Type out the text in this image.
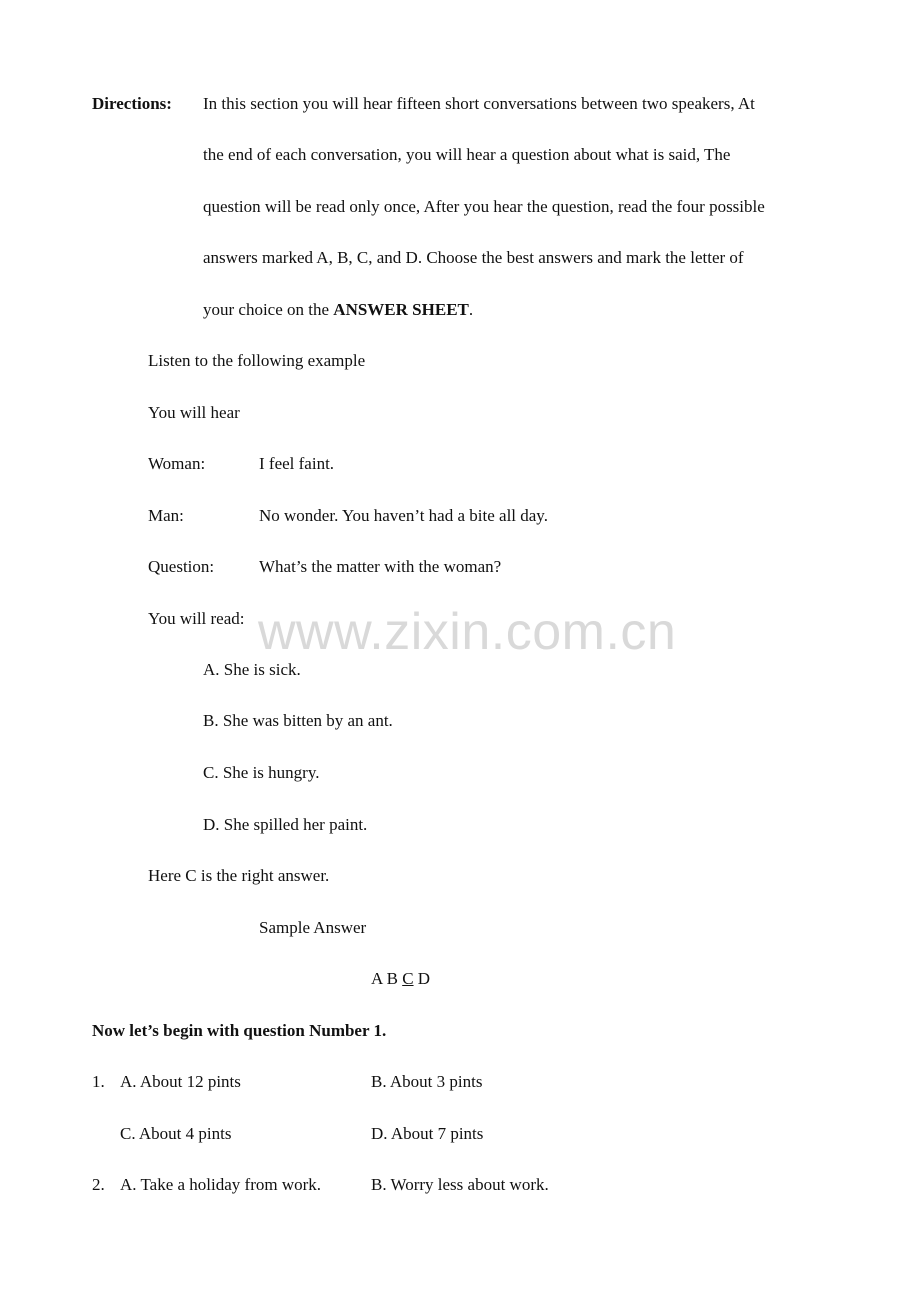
Directions: In this section you will hear fifteen short conversations between two speakers, At
the end of each conversation, you will hear a question about what is said, The
question will be read only once, After you hear the question, read the four possible
answers marked A, B, C, and D. Choose the best answers and mark the letter of
your choice on the ANSWER SHEET.
Listen to the following example
You will hear
Woman:	I feel faint.
Man:	No wonder. You haven’t had a bite all day.
Question:	What’s the matter with the woman?
You will read:
A. She is sick.
B. She was bitten by an ant.
C. She is hungry.
D. She spilled her paint.
Here C is the right answer.
Sample Answer
A B C D
Now let’s begin with question Number 1.
1. A. About 12 pints	B. About 3 pints
C. About 4 pints	D. About 7 pints
2. A. Take a holiday from work.	B. Worry less about work.
www.zixin.com.cn
